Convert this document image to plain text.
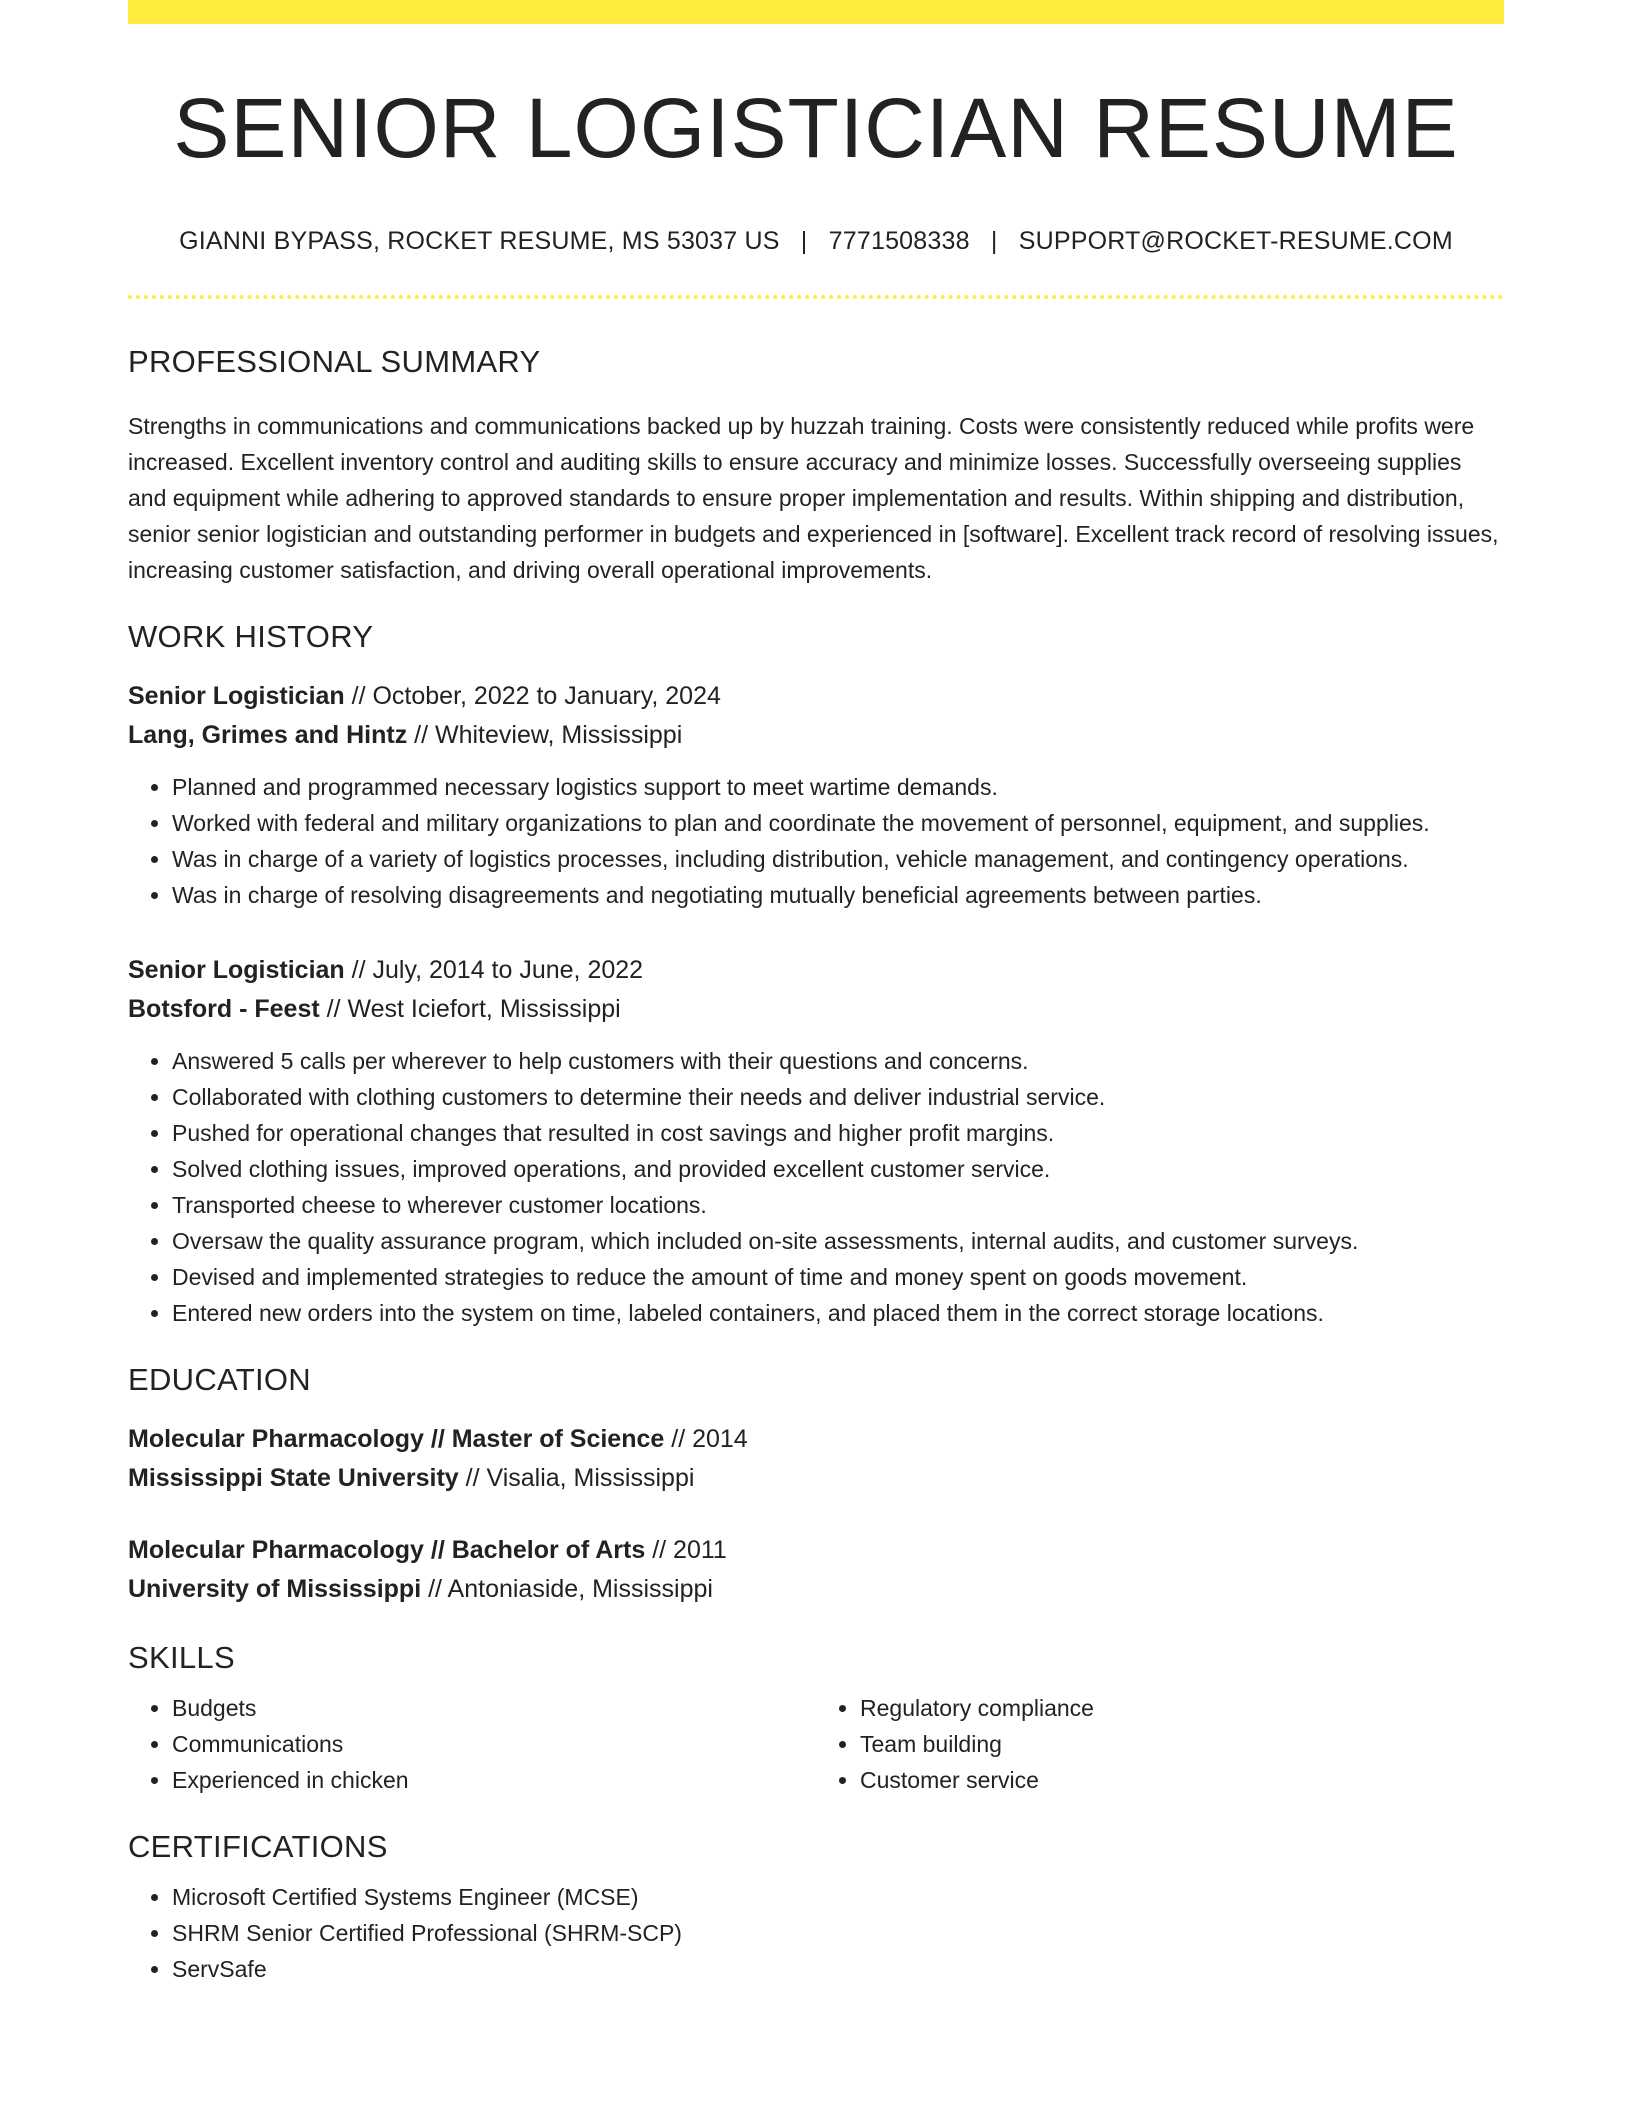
SENIOR LOGISTICIAN RESUME
GIANNI BYPASS, ROCKET RESUME, MS 53037 US | 7771508338 | SUPPORT@ROCKET-RESUME.COM
PROFESSIONAL SUMMARY
Strengths in communications and communications backed up by huzzah training. Costs were consistently reduced while profits were increased. Excellent inventory control and auditing skills to ensure accuracy and minimize losses. Successfully overseeing supplies and equipment while adhering to approved standards to ensure proper implementation and results. Within shipping and distribution, senior senior logistician and outstanding performer in budgets and experienced in [software]. Excellent track record of resolving issues, increasing customer satisfaction, and driving overall operational improvements.
WORK HISTORY
Senior Logistician // October, 2022 to January, 2024
Lang, Grimes and Hintz // Whiteview, Mississippi
• Planned and programmed necessary logistics support to meet wartime demands.
• Worked with federal and military organizations to plan and coordinate the movement of personnel, equipment, and supplies.
• Was in charge of a variety of logistics processes, including distribution, vehicle management, and contingency operations.
• Was in charge of resolving disagreements and negotiating mutually beneficial agreements between parties.
Senior Logistician // July, 2014 to June, 2022
Botsford - Feest // West Iciefort, Mississippi
• Answered 5 calls per wherever to help customers with their questions and concerns.
• Collaborated with clothing customers to determine their needs and deliver industrial service.
• Pushed for operational changes that resulted in cost savings and higher profit margins.
• Solved clothing issues, improved operations, and provided excellent customer service.
• Transported cheese to wherever customer locations.
• Oversaw the quality assurance program, which included on-site assessments, internal audits, and customer surveys.
• Devised and implemented strategies to reduce the amount of time and money spent on goods movement.
• Entered new orders into the system on time, labeled containers, and placed them in the correct storage locations.
EDUCATION
Molecular Pharmacology // Master of Science // 2014
Mississippi State University // Visalia, Mississippi
Molecular Pharmacology // Bachelor of Arts // 2011
University of Mississippi // Antoniaside, Mississippi
SKILLS
• Budgets
• Communications
• Experienced in chicken
• Regulatory compliance
• Team building
• Customer service
CERTIFICATIONS
• Microsoft Certified Systems Engineer (MCSE)
• SHRM Senior Certified Professional (SHRM-SCP)
• ServSafe
